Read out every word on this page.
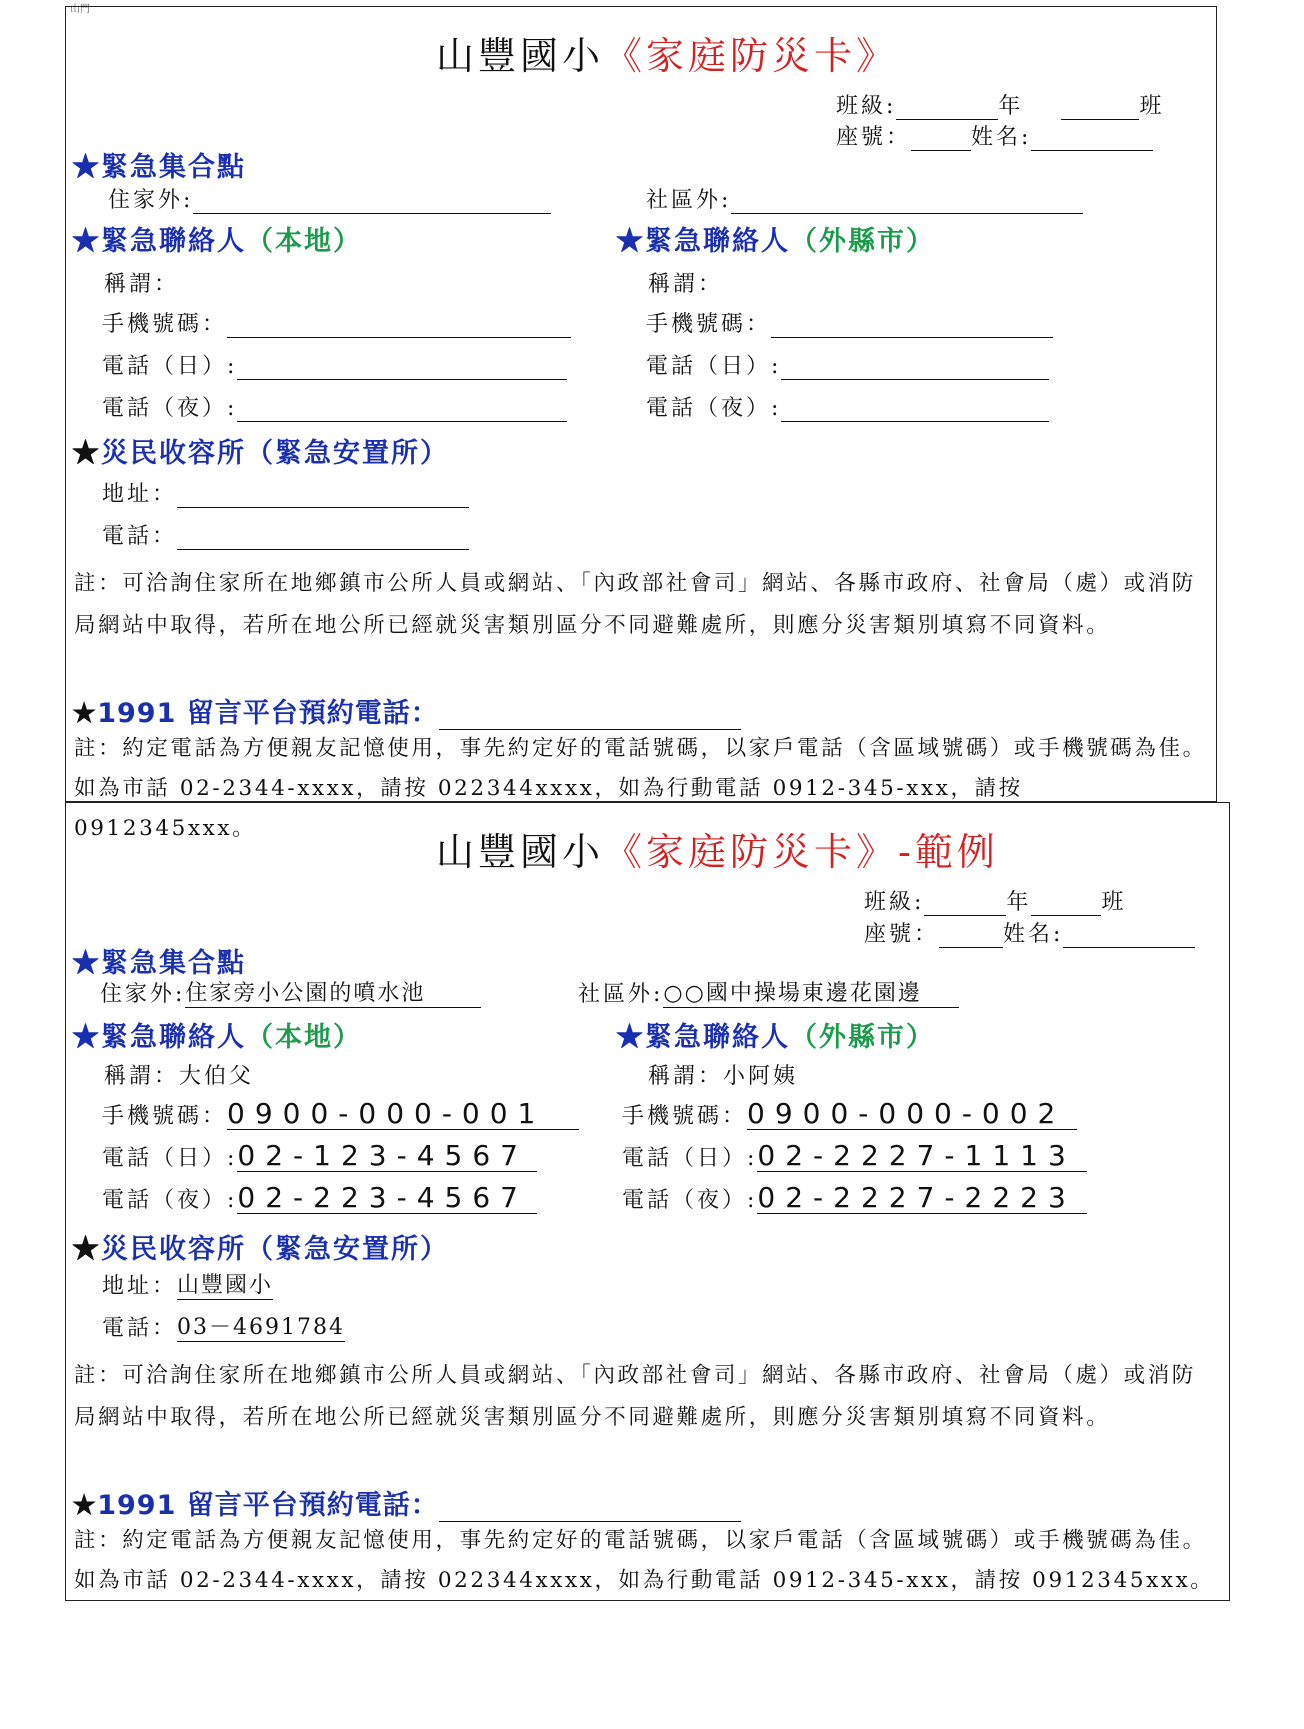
山門
山豐國小《家庭防災卡》
班級:	年	班
座號：	姓名:
★緊急集合點
住家外:	社區外:
★緊急聯絡人（本地）	★緊急聯絡人（外縣市）
稱謂：	稱謂：
手機號碼：	手機號碼：
電話（日）:	電話（日）:
電話（夜）:	電話（夜）:
★災民收容所（緊急安置所）
地址：
電話：
註：可洽詢住家所在地鄉鎮市公所人員或網站、「內政部社會司」網站、各縣市政府、社會局（處）或消防局網站中取得，若所在地公所已經就災害類別區分不同避難處所，則應分災害類別填寫不同資料。
★1991 留言平台預約電話：
註：約定電話為方便親友記憶使用，事先約定好的電話號碼，以家戶電話（含區域號碼）或手機號碼為佳。如為市話 02-2344-xxxx，請按 022344xxxx，如為行動電話 0912-345-xxx，請按 0912345xxx。
山豐國小《家庭防災卡》-範例
班級:	年	班
座號：	姓名:
★緊急集合點
住家外:住家旁小公園的噴水池	社區外:○○國中操場東邊花園邊
★緊急聯絡人（本地）	★緊急聯絡人（外縣市）
稱謂：大伯父	稱謂：小阿姨
手機號碼：0900-000-001	手機號碼：0900-000-002
電話（日）:02-123-4567	電話（日）:02-2227-1113
電話（夜）:02-223-4567	電話（夜）:02-2227-2223
★災民收容所（緊急安置所）
地址：山豐國小
電話：03－4691784
註：可洽詢住家所在地鄉鎮市公所人員或網站、「內政部社會司」網站、各縣市政府、社會局（處）或消防局網站中取得，若所在地公所已經就災害類別區分不同避難處所，則應分災害類別填寫不同資料。
★1991 留言平台預約電話：
註：約定電話為方便親友記憶使用，事先約定好的電話號碼，以家戶電話（含區域號碼）或手機號碼為佳。如為市話 02-2344-xxxx，請按 022344xxxx，如為行動電話 0912-345-xxx，請按 0912345xxx。
